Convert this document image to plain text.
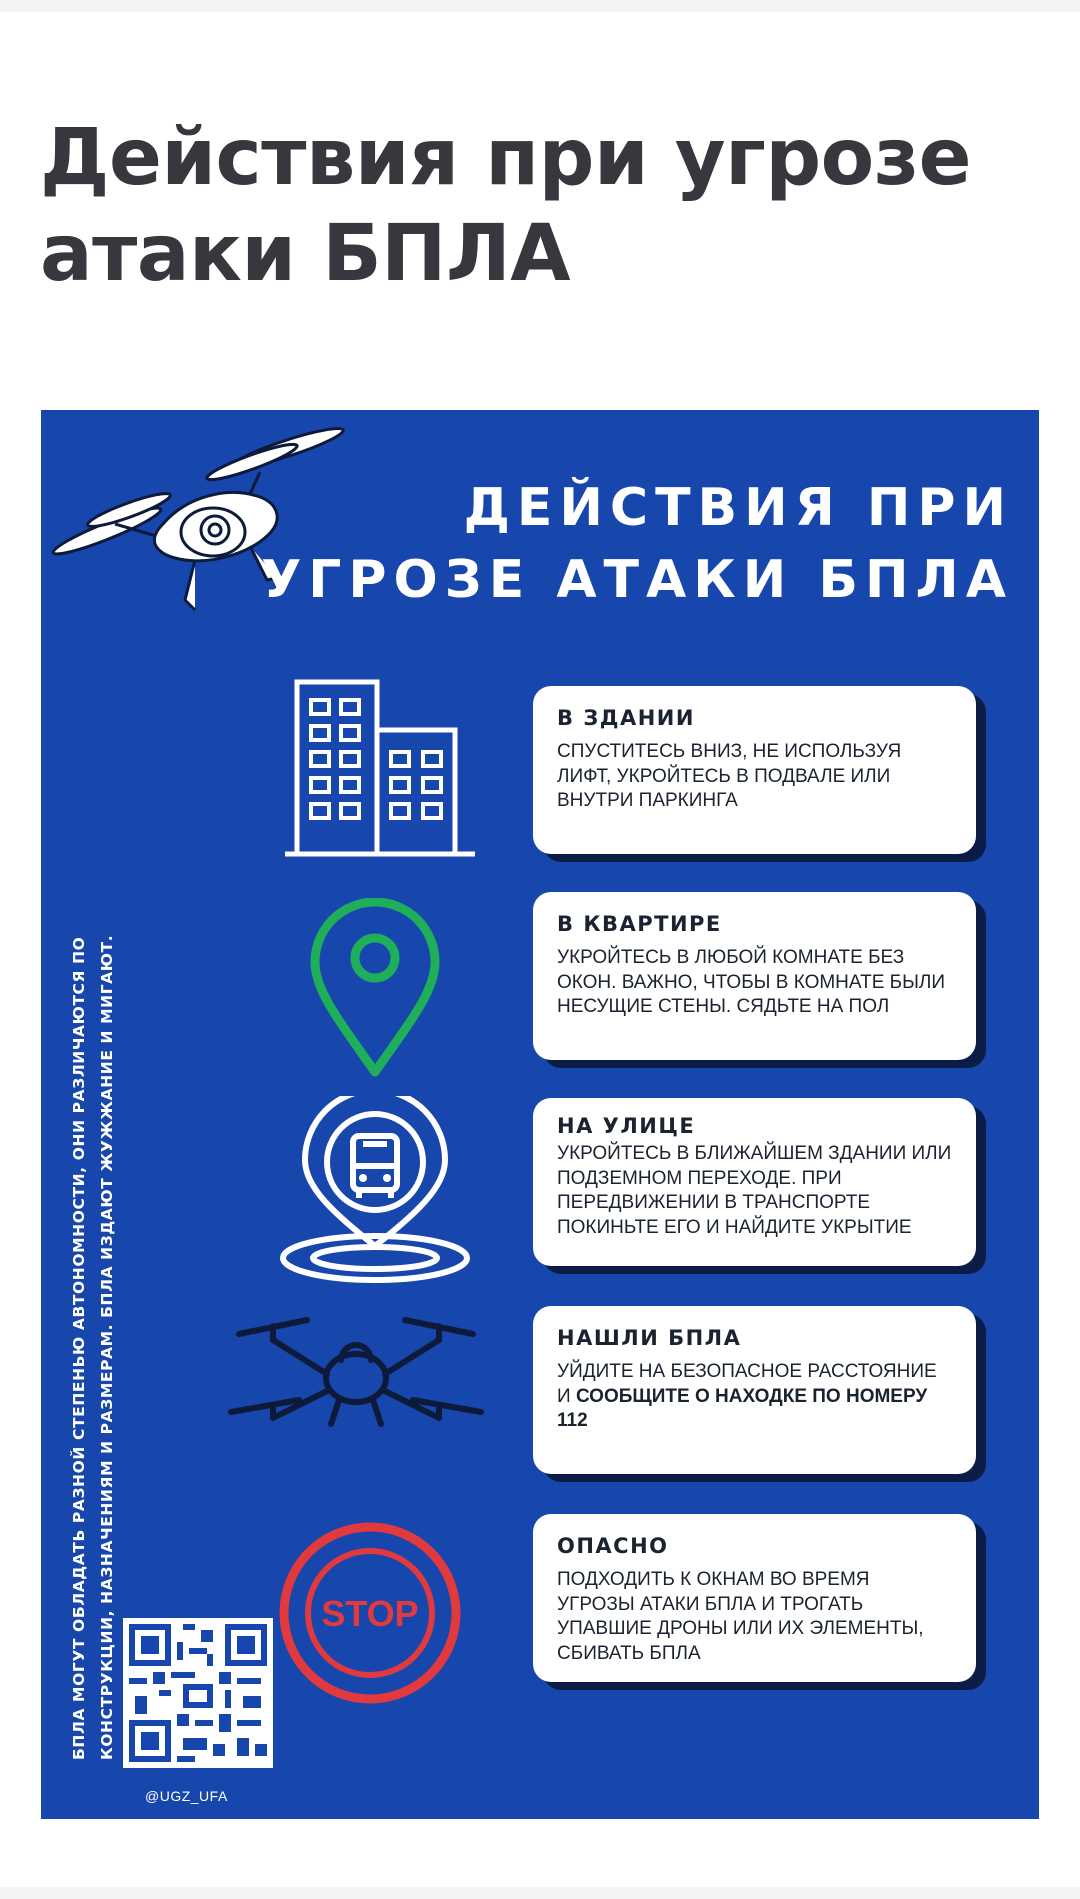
Действия при угрозе атаки БПЛА
ДЕЙСТВИЯ ПРИ
УГРОЗЕ АТАКИ БПЛА
БПЛА МОГУТ ОБЛАДАТЬ РАЗНОЙ СТЕПЕНЬЮ АВТОНОМНОСТИ, ОНИ РАЗЛИЧАЮТСЯ ПО КОНСТРУКЦИИ, НАЗНАЧЕНИЯМ И РАЗМЕРАМ. БПЛА ИЗДАЮТ ЖУЖЖАНИЕ И МИГАЮТ.	STOP
@UGZ_UFA
В ЗДАНИИ
СПУСТИТЕСЬ ВНИЗ, НЕ ИСПОЛЬЗУЯ ЛИФТ, УКРОЙТЕСЬ В ПОДВАЛЕ ИЛИ ВНУТРИ ПАРКИНГА
В КВАРТИРЕ
УКРОЙТЕСЬ В ЛЮБОЙ КОМНАТЕ БЕЗ ОКОН. ВАЖНО, ЧТОБЫ В КОМНАТЕ БЫЛИ НЕСУЩИЕ СТЕНЫ. СЯДЬТЕ НА ПОЛ
НА УЛИЦЕ
УКРОЙТЕСЬ В БЛИЖАЙШЕМ ЗДАНИИ ИЛИ ПОДЗЕМНОМ ПЕРЕХОДЕ. ПРИ ПЕРЕДВИЖЕНИИ В ТРАНСПОРТЕ ПОКИНЬТЕ ЕГО И НАЙДИТЕ УКРЫТИЕ
НАШЛИ БПЛА
УЙДИТЕ НА БЕЗОПАСНОЕ РАССТОЯНИЕ И СООБЩИТЕ О НАХОДКЕ ПО НОМЕРУ 112
ОПАСНО
ПОДХОДИТЬ К ОКНАМ ВО ВРЕМЯ УГРОЗЫ АТАКИ БПЛА И ТРОГАТЬ УПАВШИЕ ДРОНЫ ИЛИ ИХ ЭЛЕМЕНТЫ, СБИВАТЬ БПЛА
